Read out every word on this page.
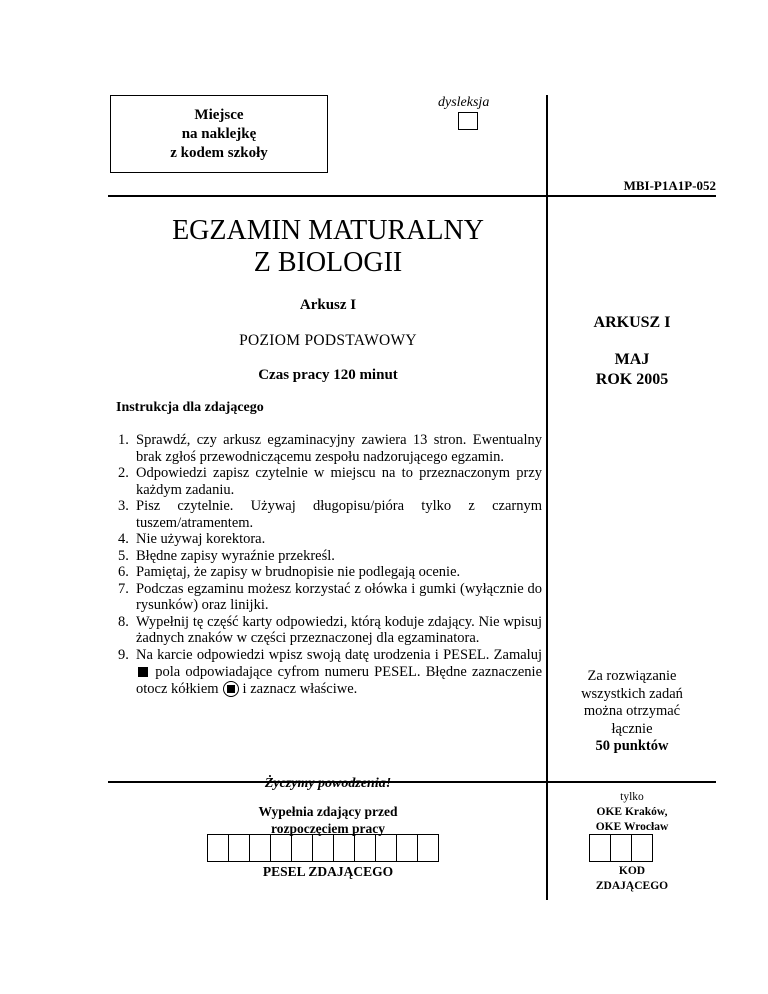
Miejsce
na naklejkę
z kodem szkoły
dysleksja
MBI-P1A1P-052
EGZAMIN MATURALNY
Z BIOLOGII
Arkusz I
POZIOM PODSTAWOWY
Czas pracy 120 minut
ARKUSZ I
MAJ
ROK 2005
Instrukcja dla zdającego
1. Sprawdź, czy arkusz egzaminacyjny zawiera 13 stron. Ewentualny brak zgłoś przewodniczącemu zespołu nadzorującego egzamin.
2. Odpowiedzi zapisz czytelnie w miejscu na to przeznaczonym przy każdym zadaniu.
3. Pisz czytelnie. Używaj długopisu/pióra tylko z czarnym tuszem/atramentem.
4. Nie używaj korektora.
5. Błędne zapisy wyraźnie przekreśl.
6. Pamiętaj, że zapisy w brudnopisie nie podlegają ocenie.
7. Podczas egzaminu możesz korzystać z ołówka i gumki (wyłącznie do rysunków) oraz linijki.
8. Wypełnij tę część karty odpowiedzi, którą koduje zdający. Nie wpisuj żadnych znaków w części przeznaczonej dla egzaminatora.
9. Na karcie odpowiedzi wpisz swoją datę urodzenia i PESEL. Zamaluj  pola odpowiadające cyfrom numeru PESEL. Błędne zaznaczenie otocz kółkiem i zaznacz właściwe.
Życzymy powodzenia!
Za rozwiązanie
wszystkich zadań
można otrzymać
łącznie
50 punktów
Wypełnia zdający przed
rozpoczęciem pracy
PESEL ZDAJĄCEGO
tylko
OKE Kraków,
OKE Wrocław
KOD
ZDAJĄCEGO
